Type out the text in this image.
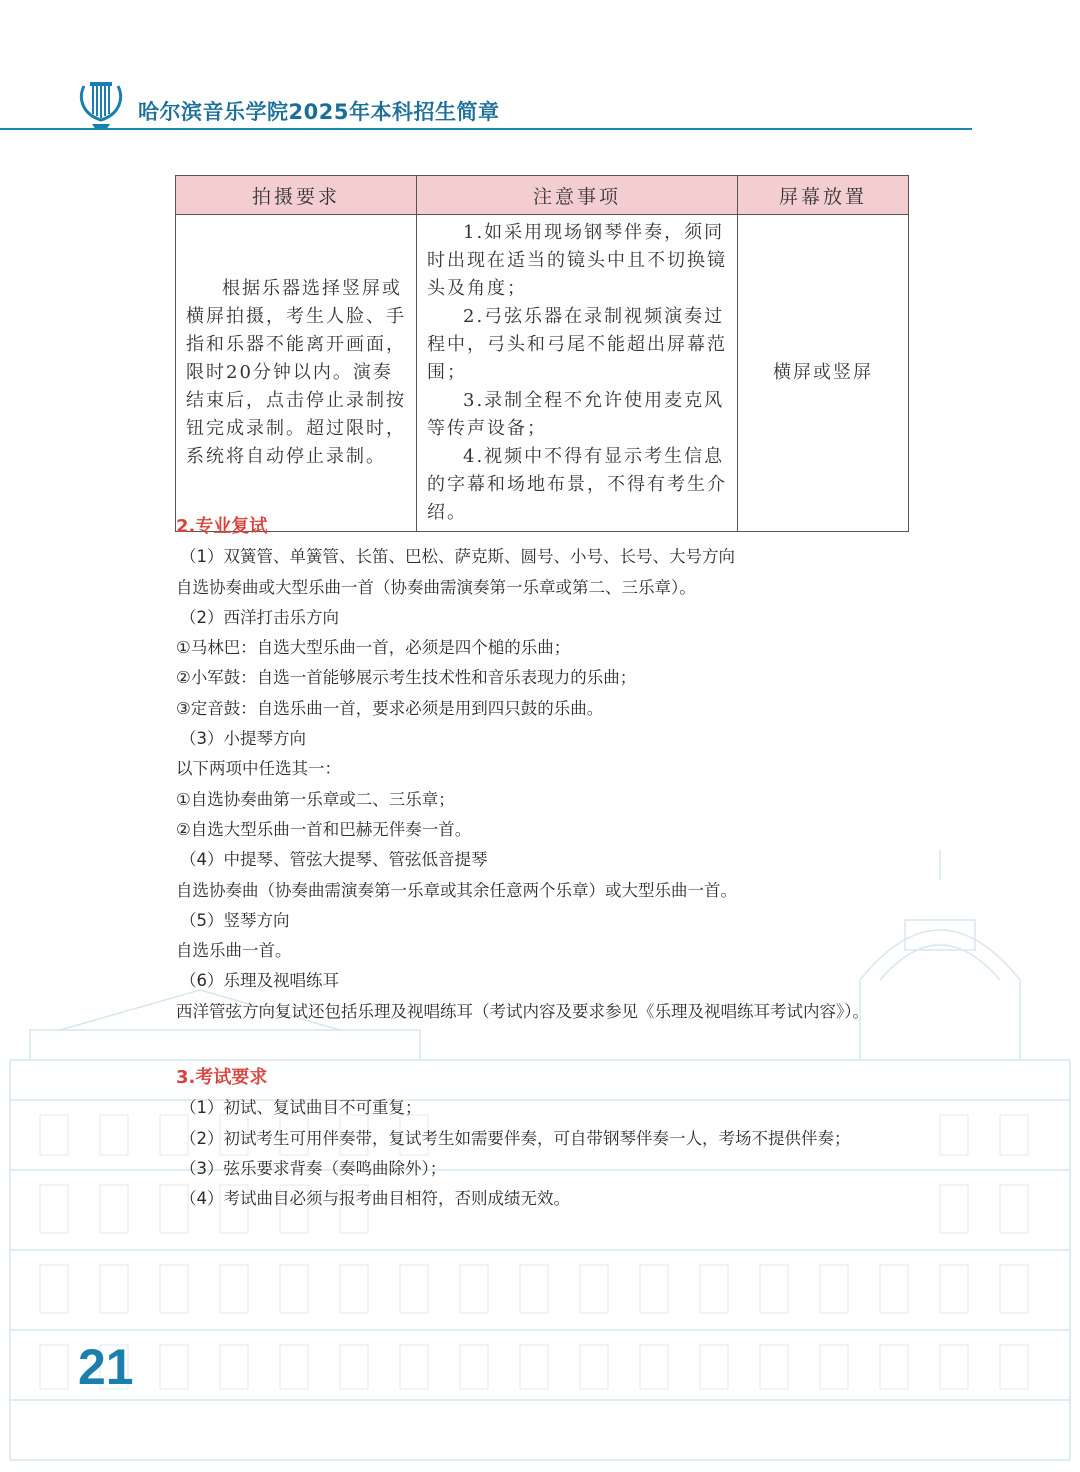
哈尔滨音乐学院2025年本科招生简章
拍摄要求	注意事项	屏幕放置

根据乐器选择竖屏或横屏拍摄，考生人脸、手指和乐器不能离开画面，限时20分钟以内。演奏结束后，点击停止录制按钮完成录制。超过限时，系统将自动停止录制。	1.如采用现场钢琴伴奏，须同时出现在适当的镜头中且不切换镜头及角度；

2.弓弦乐器在录制视频演奏过程中，弓头和弓尾不能超出屏幕范围；

3.录制全程不允许使用麦克风等传声设备；

4.视频中不得有显示考生信息的字幕和场地布景，不得有考生介绍。	横屏或竖屏
2.专业复试
（1）双簧管、单簧管、长笛、巴松、萨克斯、圆号、小号、长号、大号方向
自选协奏曲或大型乐曲一首（协奏曲需演奏第一乐章或第二、三乐章）。
（2）西洋打击乐方向
①马林巴：自选大型乐曲一首，必须是四个槌的乐曲；
②小军鼓：自选一首能够展示考生技术性和音乐表现力的乐曲；
③定音鼓：自选乐曲一首，要求必须是用到四只鼓的乐曲。
（3）小提琴方向
以下两项中任选其一：
①自选协奏曲第一乐章或二、三乐章；
②自选大型乐曲一首和巴赫无伴奏一首。
（4）中提琴、管弦大提琴、管弦低音提琴
自选协奏曲（协奏曲需演奏第一乐章或其余任意两个乐章）或大型乐曲一首。
（5）竖琴方向
自选乐曲一首。
（6）乐理及视唱练耳
西洋管弦方向复试还包括乐理及视唱练耳（考试内容及要求参见《乐理及视唱练耳考试内容》）。
3.考试要求
（1）初试、复试曲目不可重复；
（2）初试考生可用伴奏带，复试考生如需要伴奏，可自带钢琴伴奏一人，考场不提供伴奏；
（3）弦乐要求背奏（奏鸣曲除外）；
（4）考试曲目必须与报考曲目相符，否则成绩无效。
21
